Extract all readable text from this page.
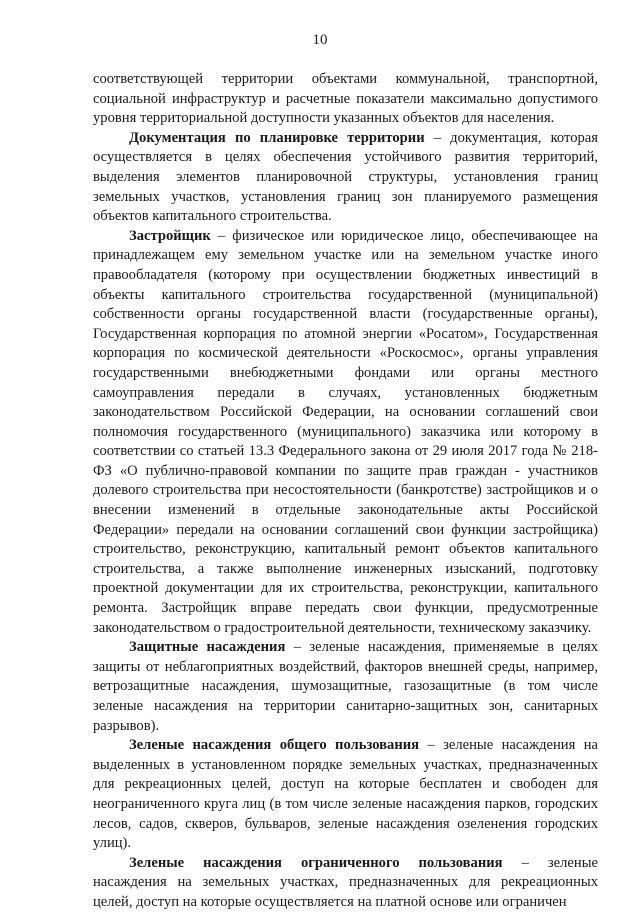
10

соответствующей территории объектами коммунальной, транспортной, социальной инфраструктур и расчетные показатели максимально допустимого уровня территориальной доступности указанных объектов для населения.

Документация по планировке территории – документация, которая осуществляется в целях обеспечения устойчивого развития территорий, выделения элементов планировочной структуры, установления границ земельных участков, установления границ зон планируемого размещения объектов капитального строительства.

Застройщик – физическое или юридическое лицо, обеспечивающее на принадлежащем ему земельном участке или на земельном участке иного правообладателя (которому при осуществлении бюджетных инвестиций в объекты капитального строительства государственной (муниципальной) собственности органы государственной власти (государственные органы), Государственная корпорация по атомной энергии «Росатом», Государственная корпорация по космической деятельности «Роскосмос», органы управления государственными внебюджетными фондами или органы местного самоуправления передали в случаях, установленных бюджетным законодательством Российской Федерации, на основании соглашений свои полномочия государственного (муниципального) заказчика или которому в соответствии со статьей 13.3 Федерального закона от 29 июля 2017 года № 218-ФЗ «О публично-правовой компании по защите прав граждан - участников долевого строительства при несостоятельности (банкротстве) застройщиков и о внесении изменений в отдельные законодательные акты Российской Федерации» передали на основании соглашений свои функции застройщика) строительство, реконструкцию, капитальный ремонт объектов капитального строительства, а также выполнение инженерных изысканий, подготовку проектной документации для их строительства, реконструкции, капитального ремонта. Застройщик вправе передать свои функции, предусмотренные законодательством о градостроительной деятельности, техническому заказчику.

Защитные насаждения – зеленые насаждения, применяемые в целях защиты от неблагоприятных воздействий, факторов внешней среды, например, ветрозащитные насаждения, шумозащитные, газозащитные (в том числе зеленые насаждения на территории санитарно-защитных зон, санитарных разрывов).

Зеленые насаждения общего пользования – зеленые насаждения на выделенных в установленном порядке земельных участках, предназначенных для рекреационных целей, доступ на которые бесплатен и свободен для неограниченного круга лиц (в том числе зеленые насаждения парков, городских лесов, садов, скверов, бульваров, зеленые насаждения озеленения городских улиц).

Зеленые насаждения ограниченного пользования – зеленые насаждения на земельных участках, предназначенных для рекреационных целей, доступ на которые осуществляется на платной основе или ограничен
